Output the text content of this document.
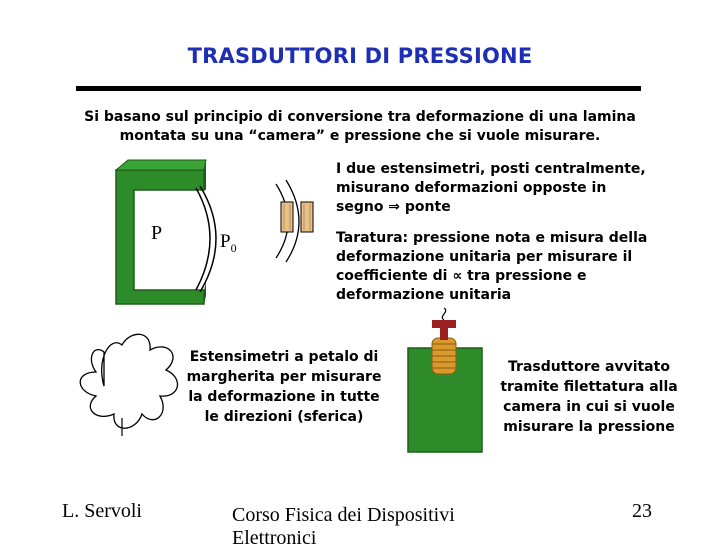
TRASDUTTORI DI PRESSIONE
Si basano sul principio di conversione tra deformazione di una lamina montata su una “camera” e pressione che si vuole misurare.
P	$P_0$
I due estensimetri, posti centralmente, misurano deformazioni opposte in segno ⇒ ponte
Taratura: pressione nota e misura della deformazione unitaria per misurare il coefficiente di ∝ tra pressione e deformazione unitaria
Estensimetri a petalo di margherita per misurare la deformazione in tutte le direzioni (sferica)
Trasduttore avvitato tramite filettatura alla camera in cui si vuole misurare la pressione
L. Servoli	Corso Fisica dei Dispositivi Elettronici
23
